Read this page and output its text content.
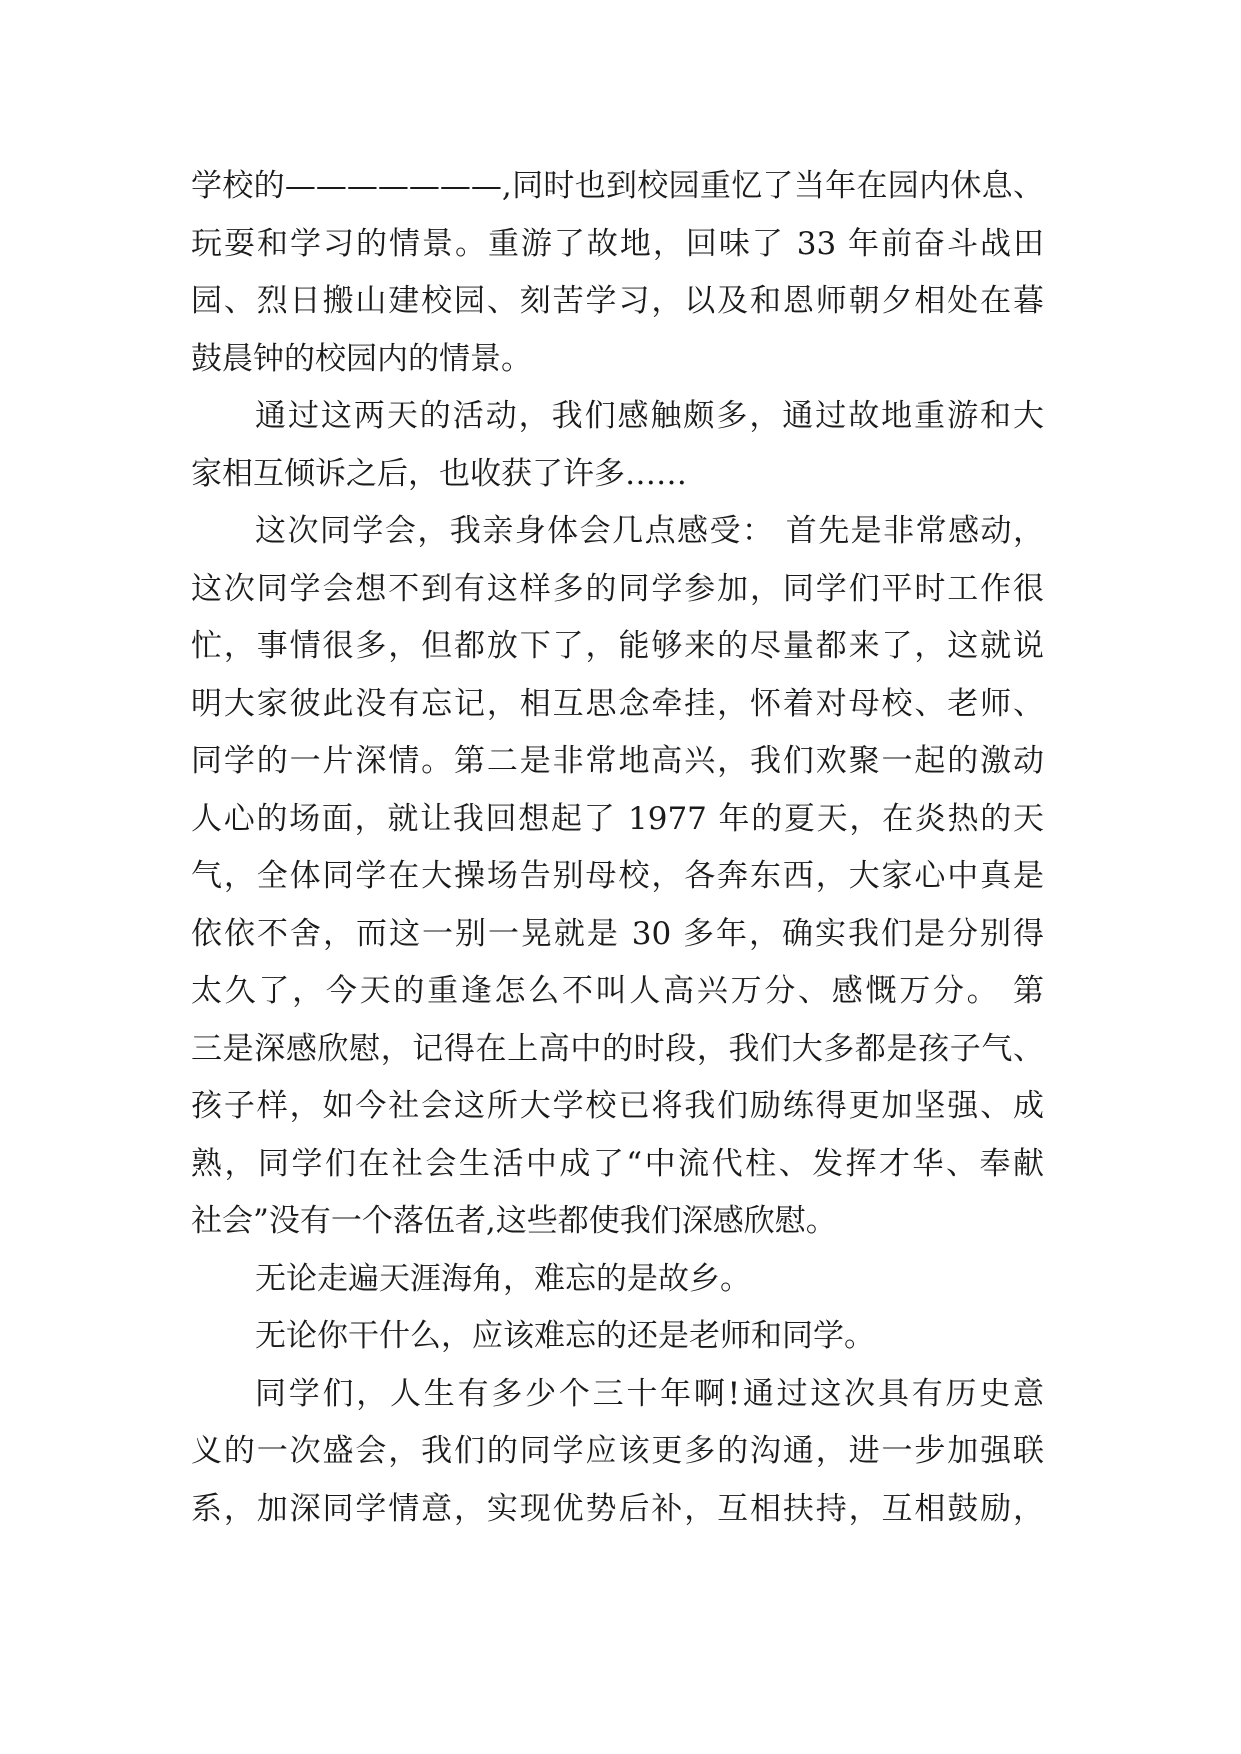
学校的———————,同时也到校园重忆了当年在园内休息、
玩耍和学习的情景。重游了故地，回味了 33 年前奋斗战田
园、烈日搬山建校园、刻苦学习，以及和恩师朝夕相处在暮
鼓晨钟的校园内的情景。
通过这两天的活动，我们感触颇多，通过故地重游和大
家相互倾诉之后，也收获了许多……
这次同学会，我亲身体会几点感受： 首先是非常感动，
这次同学会想不到有这样多的同学参加，同学们平时工作很
忙，事情很多，但都放下了，能够来的尽量都来了，这就说
明大家彼此没有忘记，相互思念牵挂，怀着对母校、老师、
同学的一片深情。第二是非常地高兴，我们欢聚一起的激动
人心的场面，就让我回想起了 1977 年的夏天，在炎热的天
气，全体同学在大操场告别母校，各奔东西，大家心中真是
依依不舍，而这一别一晃就是 30 多年，确实我们是分别得
太久了，今天的重逢怎么不叫人高兴万分、感慨万分。 第
三是深感欣慰，记得在上高中的时段，我们大多都是孩子气、
孩子样，如今社会这所大学校已将我们励练得更加坚强、成
熟，同学们在社会生活中成了“中流代柱、发挥才华、奉献
社会”没有一个落伍者,这些都使我们深感欣慰。
无论走遍天涯海角，难忘的是故乡。
无论你干什么，应该难忘的还是老师和同学。
同学们，人生有多少个三十年啊!通过这次具有历史意
义的一次盛会，我们的同学应该更多的沟通，进一步加强联
系，加深同学情意，实现优势后补，互相扶持，互相鼓励，
